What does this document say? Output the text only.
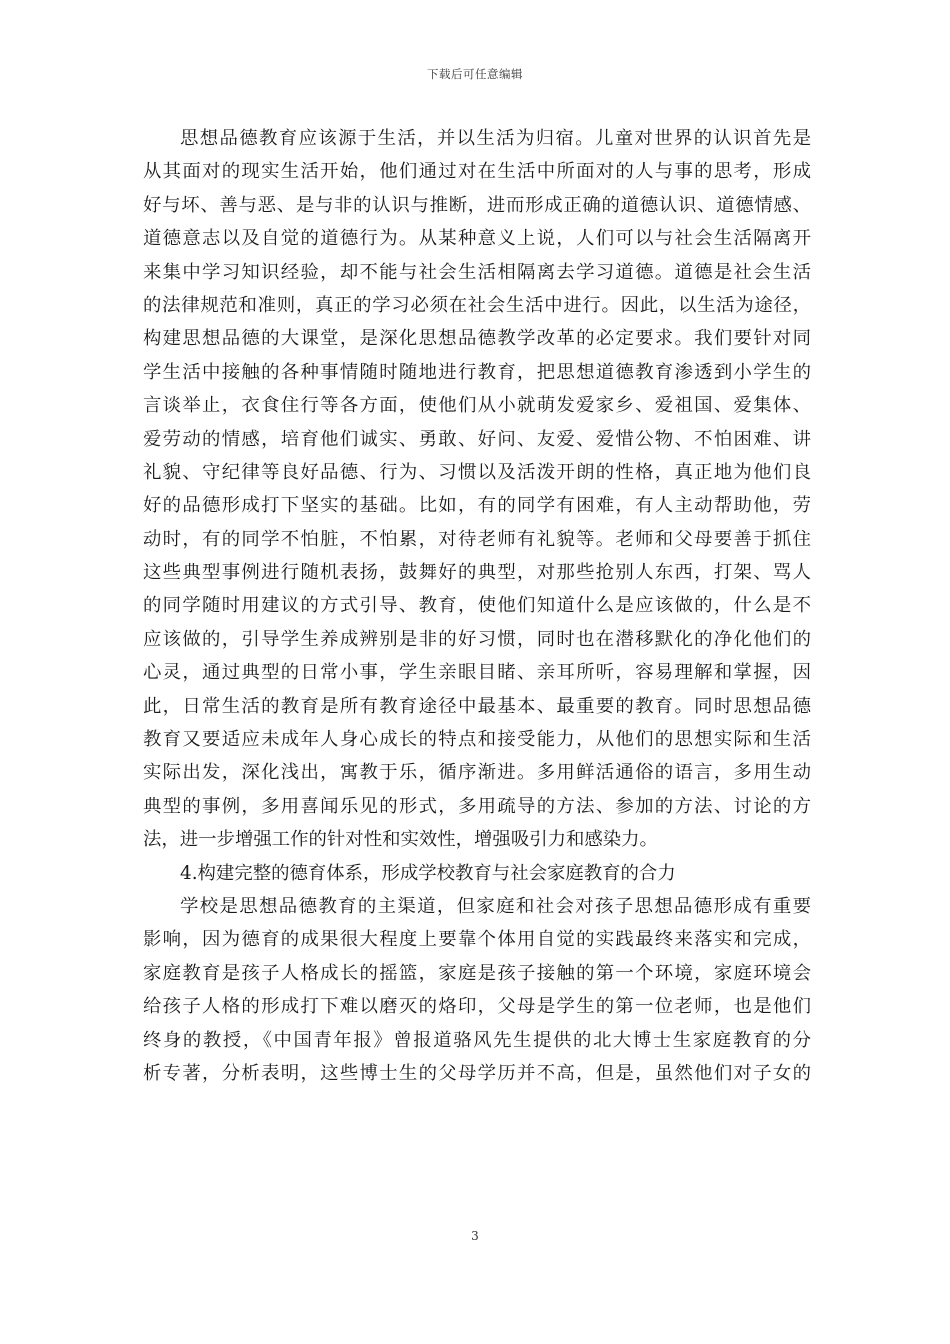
下载后可任意编辑
思想品德教育应该源于生活，并以生活为归宿。儿童对世界的认识首先是
从其面对的现实生活开始，他们通过对在生活中所面对的人与事的思考，形成
好与坏、善与恶、是与非的认识与推断，进而形成正确的道德认识、道德情感、
道德意志以及自觉的道德行为。从某种意义上说，人们可以与社会生活隔离开
来集中学习知识经验，却不能与社会生活相隔离去学习道德。道德是社会生活
的法律规范和准则，真正的学习必须在社会生活中进行。因此，以生活为途径，
构建思想品德的大课堂，是深化思想品德教学改革的必定要求。我们要针对同
学生活中接触的各种事情随时随地进行教育，把思想道德教育渗透到小学生的
言谈举止，衣食住行等各方面，使他们从小就萌发爱家乡、爱祖国、爱集体、
爱劳动的情感，培育他们诚实、勇敢、好问、友爱、爱惜公物、不怕困难、讲
礼貌、守纪律等良好品德、行为、习惯以及活泼开朗的性格，真正地为他们良
好的品德形成打下坚实的基础。比如，有的同学有困难，有人主动帮助他，劳
动时，有的同学不怕脏，不怕累，对待老师有礼貌等。老师和父母要善于抓住
这些典型事例进行随机表扬，鼓舞好的典型，对那些抢别人东西，打架、骂人
的同学随时用建议的方式引导、教育，使他们知道什么是应该做的，什么是不
应该做的，引导学生养成辨别是非的好习惯，同时也在潜移默化的净化他们的
心灵，通过典型的日常小事，学生亲眼目睹、亲耳所听，容易理解和掌握，因
此，日常生活的教育是所有教育途径中最基本、最重要的教育。同时思想品德
教育又要适应未成年人身心成长的特点和接受能力，从他们的思想实际和生活
实际出发，深化浅出，寓教于乐，循序渐进。多用鲜活通俗的语言，多用生动
典型的事例，多用喜闻乐见的形式，多用疏导的方法、参加的方法、讨论的方
法，进一步增强工作的针对性和实效性，增强吸引力和感染力。
4.构建完整的德育体系，形成学校教育与社会家庭教育的合力
学校是思想品德教育的主渠道，但家庭和社会对孩子思想品德形成有重要
影响，因为德育的成果很大程度上要靠个体用自觉的实践最终来落实和完成，
家庭教育是孩子人格成长的摇篮，家庭是孩子接触的第一个环境，家庭环境会
给孩子人格的形成打下难以磨灭的烙印，父母是学生的第一位老师，也是他们
终身的教授，《中国青年报》曾报道骆风先生提供的北大博士生家庭教育的分
析专著，分析表明，这些博士生的父母学历并不高，但是，虽然他们对子女的
3
